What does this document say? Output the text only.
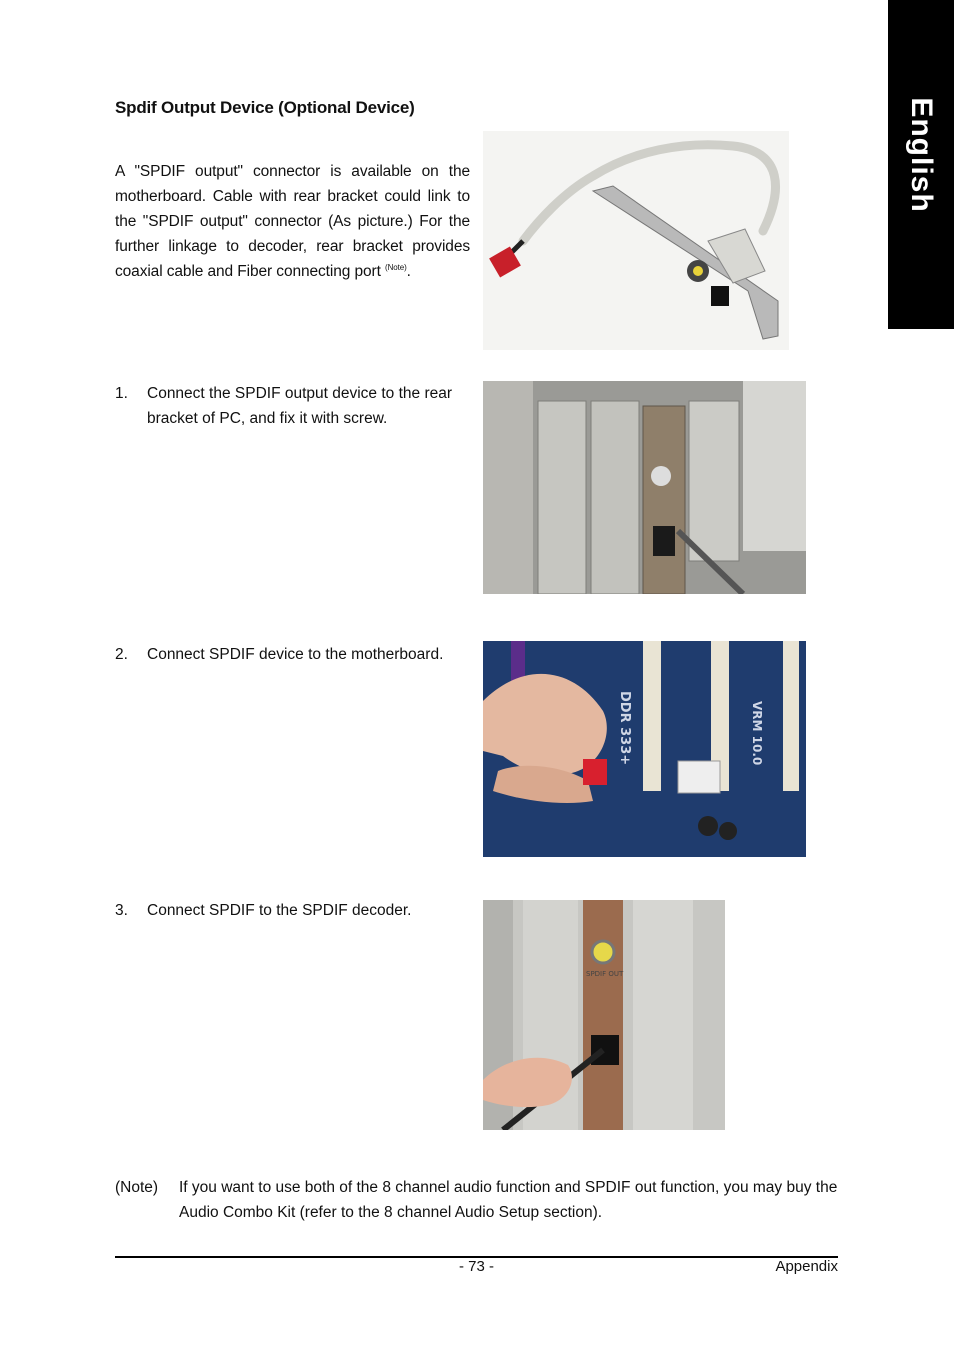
English
Spdif Output Device (Optional Device)

A "SPDIF output" connector is available on the motherboard. Cable with rear bracket could link to the "SPDIF output" connector (As picture.) For the further linkage to decoder, rear bracket provides coaxial cable and Fiber connecting port $^{(Note)}$.

1. Connect the SPDIF output device to the rear bracket of PC, and fix it with screw.
2. Connect SPDIF device to the motherboard.
DDR 333+	VRM 10.0
3. Connect SPDIF to the SPDIF decoder.
SPDIF OUT
(Note) If you want to use both of the 8 channel audio function and SPDIF out function, you may buy the Audio Combo Kit (refer to the 8 channel Audio Setup section).
- 73 -	Appendix
